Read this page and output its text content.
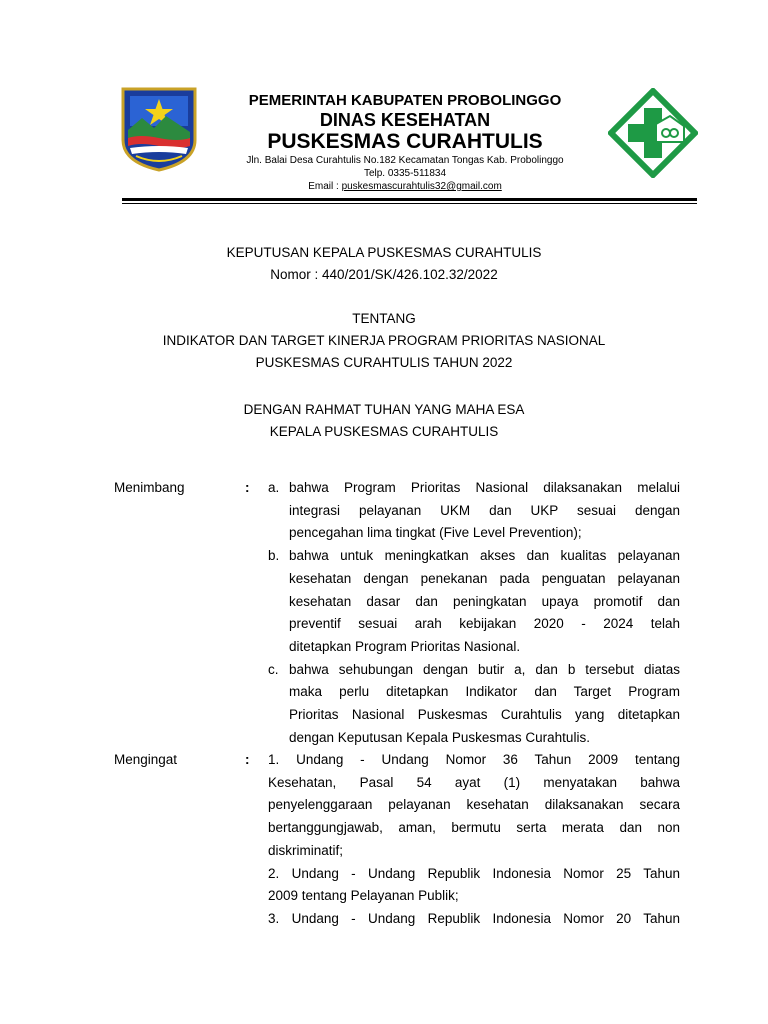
PEMERINTAH KABUPATEN PROBOLINGGO
DINAS KESEHATAN
PUSKESMAS CURAHTULIS
Jln. Balai Desa Curahtulis No.182 Kecamatan Tongas Kab. Probolinggo
Telp. 0335-511834
Email : puskesmascurahtulis32@gmail.com
KEPUTUSAN KEPALA PUSKESMAS CURAHTULIS
Nomor : 440/201/SK/426.102.32/2022
TENTANG
INDIKATOR DAN TARGET KINERJA PROGRAM PRIORITAS NASIONAL
PUSKESMAS CURAHTULIS TAHUN 2022
DENGAN RAHMAT TUHAN YANG MAHA ESA
KEPALA PUSKESMAS CURAHTULIS
Menimbang	: a. bahwa Program Prioritas Nasional dilaksanakan melalui
integrasi pelayanan UKM dan UKP sesuai dengan
pencegahan lima tingkat (Five Level Prevention);
b. bahwa untuk meningkatkan akses dan kualitas pelayanan
kesehatan dengan penekanan pada penguatan pelayanan
kesehatan dasar dan peningkatan upaya promotif dan
preventif sesuai arah kebijakan 2020 - 2024 telah
ditetapkan Program Prioritas Nasional.
c. bahwa sehubungan dengan butir a, dan b tersebut diatas
maka perlu ditetapkan Indikator dan Target Program
Prioritas Nasional Puskesmas Curahtulis yang ditetapkan
dengan Keputusan Kepala Puskesmas Curahtulis.
Mengingat	: 1. Undang - Undang Nomor 36 Tahun 2009 tentang
Kesehatan, Pasal 54 ayat (1) menyatakan bahwa
penyelenggaraan pelayanan kesehatan dilaksanakan secara
bertanggungjawab, aman, bermutu serta merata dan non
diskriminatif;
2. Undang - Undang Republik Indonesia Nomor 25 Tahun
2009 tentang Pelayanan Publik;
3. Undang - Undang Republik Indonesia Nomor 20 Tahun
